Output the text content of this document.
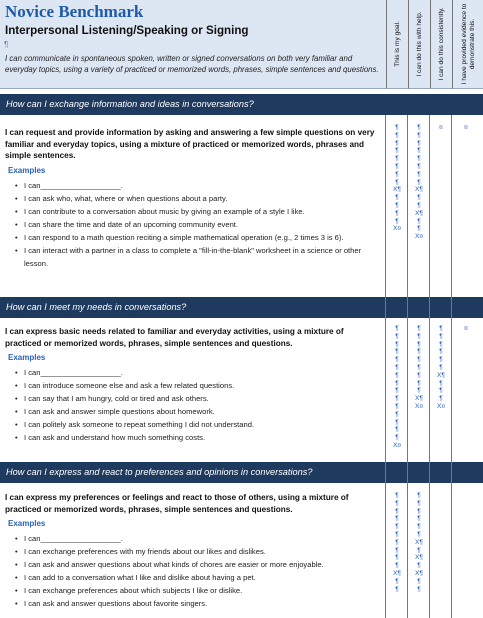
Novice Benchmark
Interpersonal Listening/Speaking or Signing
¶
I can communicate in spontaneous spoken, written or signed conversations on both very familiar and everyday topics, using a variety of practiced or memorized words, phrases, simple sentences and questions.
This is my goal. I can do this with help. I can do this consistently. I have provided evidence to demonstrate this.
How can I exchange information and ideas in conversations?
I can request and provide information by asking and answering a few simple questions on very familiar and everyday topics, using a mixture of practiced or memorized words, phrases and simple sentences.
Examples
• I can___________________.
• I can ask who, what, where or when questions about a party.
• I can contribute to a conversation about music by giving an example of a style I like.
• I can share the time and date of an upcoming community event.
• I can respond to a math question reciting a simple mathematical operation (e.g., 2 times 3 is 6).
• I can interact with a partner in a class to complete a "fill-in-the-blank" worksheet in a science or other lesson.
¶
¶
¶
¶
¶
¶
¶
¶
X¶
¶
¶
¶
¶
X¤
¶
¶
¶
¶
¶
¶
¶
¶
X¶
¶
¶
X¶
¶
¶
X¤
¤	¤
How can I meet my needs in conversations?
I can express basic needs related to familiar and everyday activities, using a mixture of practiced or memorized words, phrases, simple sentences and questions.
Examples
• I can___________________.
• I can introduce someone else and ask a few related questions.
• I can say that I am hungry, cold or tired and ask others.
• I can ask and answer simple questions about homework.
• I can politely ask someone to repeat something I did not understand.
• I can ask and understand how much something costs.
¶
¶
¶
¶
¶
¶
¶
¶
¶
¶
¶
¶
¶
¶
¶
X¤
¶
¶
¶
¶
¶
¶
¶
¶
¶
X¶
X¤
¶
¶
¶
¶
¶
¶
X¶
¶
¶
¶
X¤
¤
How can I express and react to preferences and opinions in conversations?
I can express my preferences or feelings and react to those of others, using a mixture of practiced or memorized words, phrases, simple sentences and questions.
Examples
• I can___________________.
• I can exchange preferences with my friends about our likes and dislikes.
• I can ask and answer questions about what kinds of chores are easier or more enjoyable.
• I can add to a conversation what I like and dislike about having a pet.
• I can exchange preferences about which subjects I like or dislike.
• I can ask and answer questions about favorite singers.
¶
¶
¶
¶
¶
¶
¶
¶
¶
¶
X¶
¶
¶
¶
¶
¶
¶
¶
¶
X¶
¶
X¶
¶
X¶
¶
¶
